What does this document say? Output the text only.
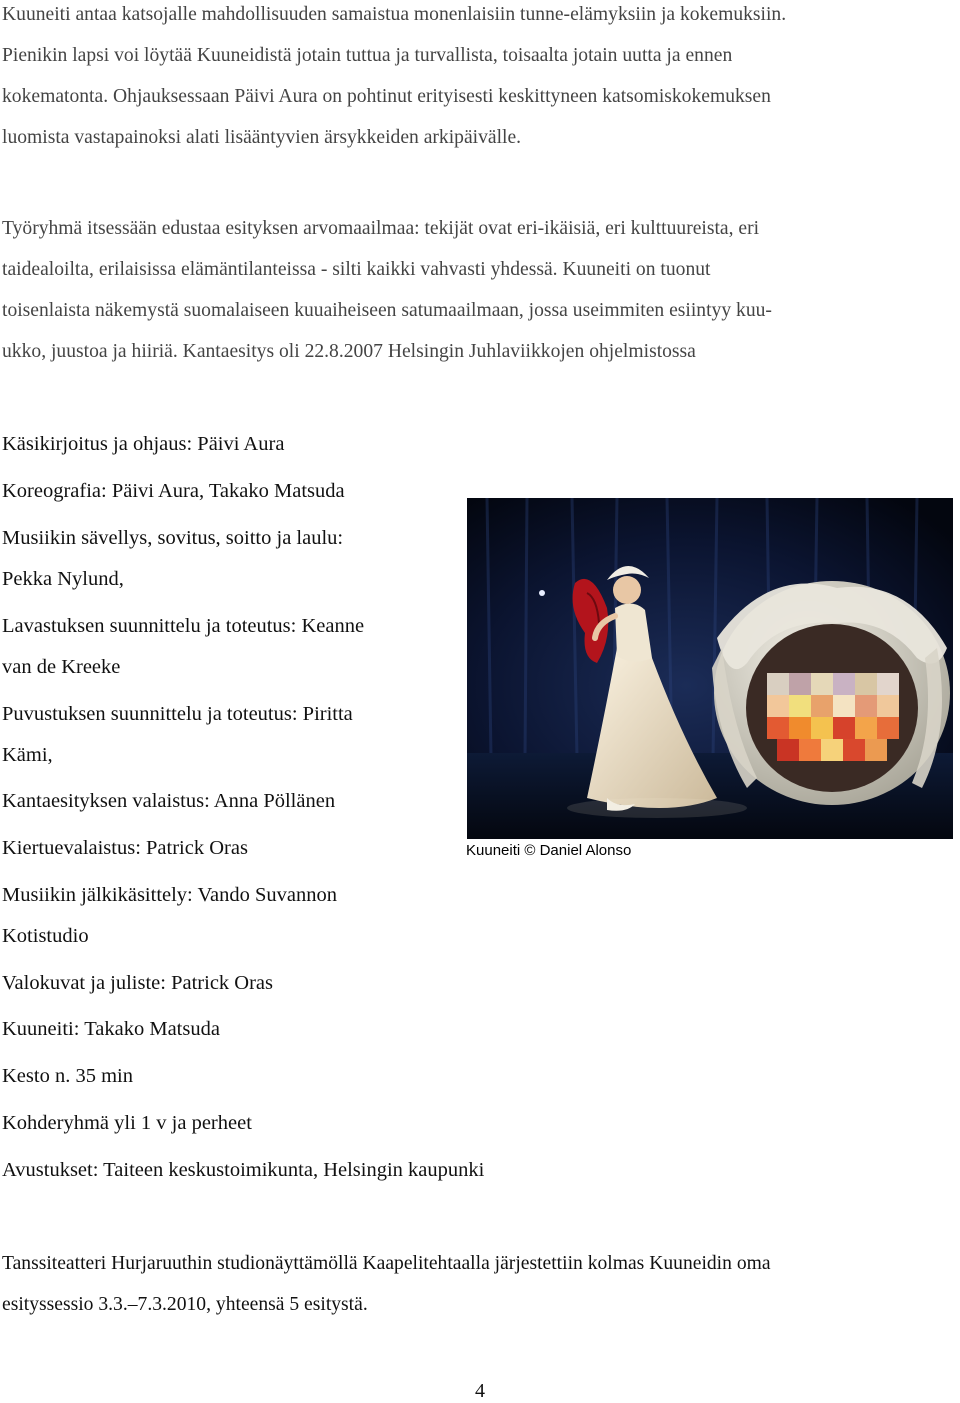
Kuuneiti antaa katsojalle mahdollisuuden samaistua monenlaisiin tunne-elämyksiin ja kokemuksiin.
Pienikin lapsi voi löytää Kuuneidistä jotain tuttua ja turvallista, toisaalta jotain uutta ja ennen
kokematonta. Ohjauksessaan Päivi Aura on pohtinut erityisesti keskittyneen katsomiskokemuksen
luomista vastapainoksi alati lisääntyvien ärsykkeiden arkipäivälle.
Työryhmä itsessään edustaa esityksen arvomaailmaa: tekijät ovat eri-ikäisiä, eri kulttuureista, eri
taidealoilta, erilaisissa elämäntilanteissa - silti kaikki vahvasti yhdessä. Kuuneiti on tuonut
toisenlaista näkemystä suomalaiseen kuuaiheiseen satumaailmaan, jossa useimmiten esiintyy kuu-
ukko, juustoa ja hiiriä. Kantaesitys oli 22.8.2007 Helsingin Juhlaviikkojen ohjelmistossa
Käsikirjoitus ja ohjaus: Päivi Aura
Koreografia: Päivi Aura, Takako Matsuda
Musiikin sävellys, sovitus, soitto ja laulu:
Pekka Nylund,
Lavastuksen suunnittelu ja toteutus: Keanne
van de Kreeke
Puvustuksen suunnittelu ja toteutus: Piritta
Kämi,
Kantaesityksen valaistus: Anna Pöllänen
Kiertuevalaistus: Patrick Oras
Musiikin jälkikäsittely: Vando Suvannon
Kotistudio
Valokuvat ja juliste: Patrick Oras
Kuuneiti: Takako Matsuda
Kesto n. 35 min
Kohderyhmä yli 1 v ja perheet
Avustukset: Taiteen keskustoimikunta, Helsingin kaupunki
Kuuneiti © Daniel Alonso
Tanssiteatteri Hurjaruuthin studionäyttämöllä Kaapelitehtaalla järjestettiin kolmas Kuuneidin oma
esityssessio 3.3.–7.3.2010, yhteensä 5 esitystä.
4
